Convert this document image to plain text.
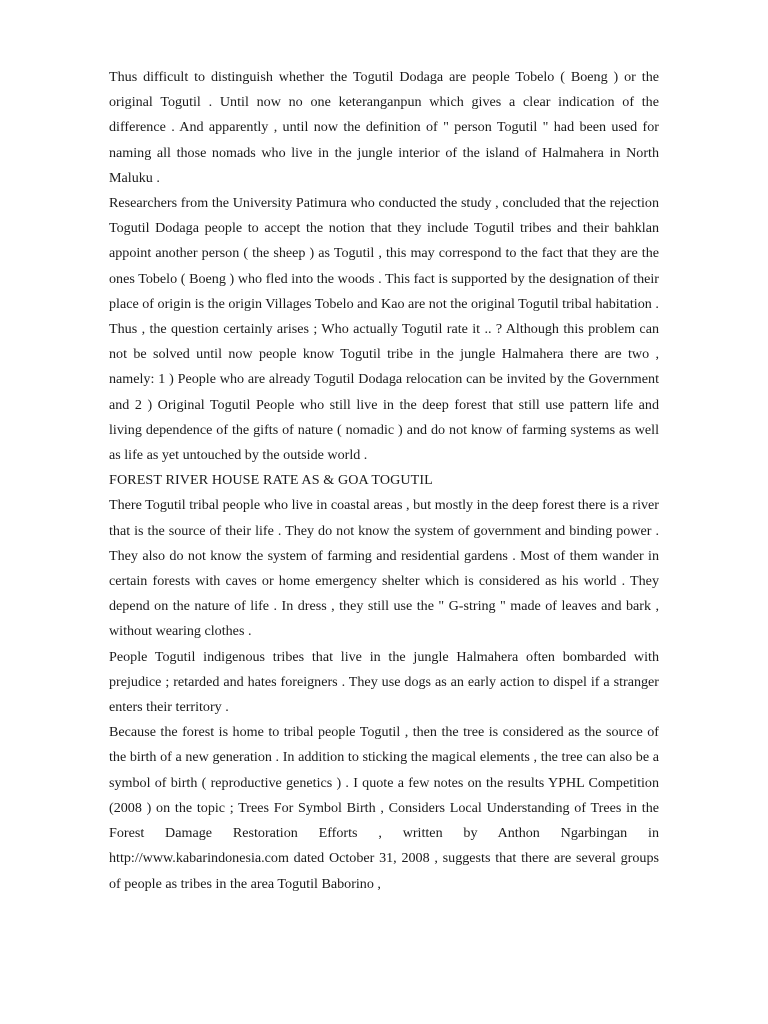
Thus difficult to distinguish whether the Togutil Dodaga are people Tobelo ( Boeng ) or the original Togutil . Until now no one keteranganpun which gives a clear indication of the difference . And apparently , until now the definition of " person Togutil " had been used for naming all those nomads who live in the jungle interior of the island of Halmahera in North Maluku .

Researchers from the University Patimura who conducted the study , concluded that the rejection Togutil Dodaga people to accept the notion that they include Togutil tribes and their bahklan appoint another person ( the sheep ) as Togutil , this may correspond to the fact that they are the ones Tobelo ( Boeng ) who fled into the woods . This fact is supported by the designation of their place of origin is the origin Villages Tobelo and Kao are not the original Togutil tribal habitation .

Thus , the question certainly arises ; Who actually Togutil rate it .. ? Although this problem can not be solved until now people know Togutil tribe in the jungle Halmahera there are two , namely: 1 ) People who are already Togutil Dodaga relocation can be invited by the Government and 2 ) Original Togutil People who still live in the deep forest that still use pattern life and living dependence of the gifts of nature ( nomadic ) and do not know of farming systems as well as life as yet untouched by the outside world .

FOREST RIVER HOUSE RATE AS & GOA TOGUTIL

There Togutil tribal people who live in coastal areas , but mostly in the deep forest there is a river that is the source of their life . They do not know the system of government and binding power . They also do not know the system of farming and residential gardens . Most of them wander in certain forests with caves or home emergency shelter which is considered as his world . They depend on the nature of life . In dress , they still use the " G-string " made of leaves and bark , without wearing clothes .

People Togutil indigenous tribes that live in the jungle Halmahera often bombarded with prejudice ; retarded and hates foreigners . They use dogs as an early action to dispel if a stranger enters their territory .

Because the forest is home to tribal people Togutil , then the tree is considered as the source of the birth of a new generation . In addition to sticking the magical elements , the tree can also be a symbol of birth ( reproductive genetics ) . I quote a few notes on the results YPHL Competition (2008 ) on the topic ; Trees For Symbol Birth , Considers Local Understanding of Trees in the Forest Damage Restoration Efforts , written by Anthon Ngarbingan in http://www.kabarindonesia.com dated October 31, 2008 , suggests that there are several groups of people as tribes in the area Togutil Baborino ,
